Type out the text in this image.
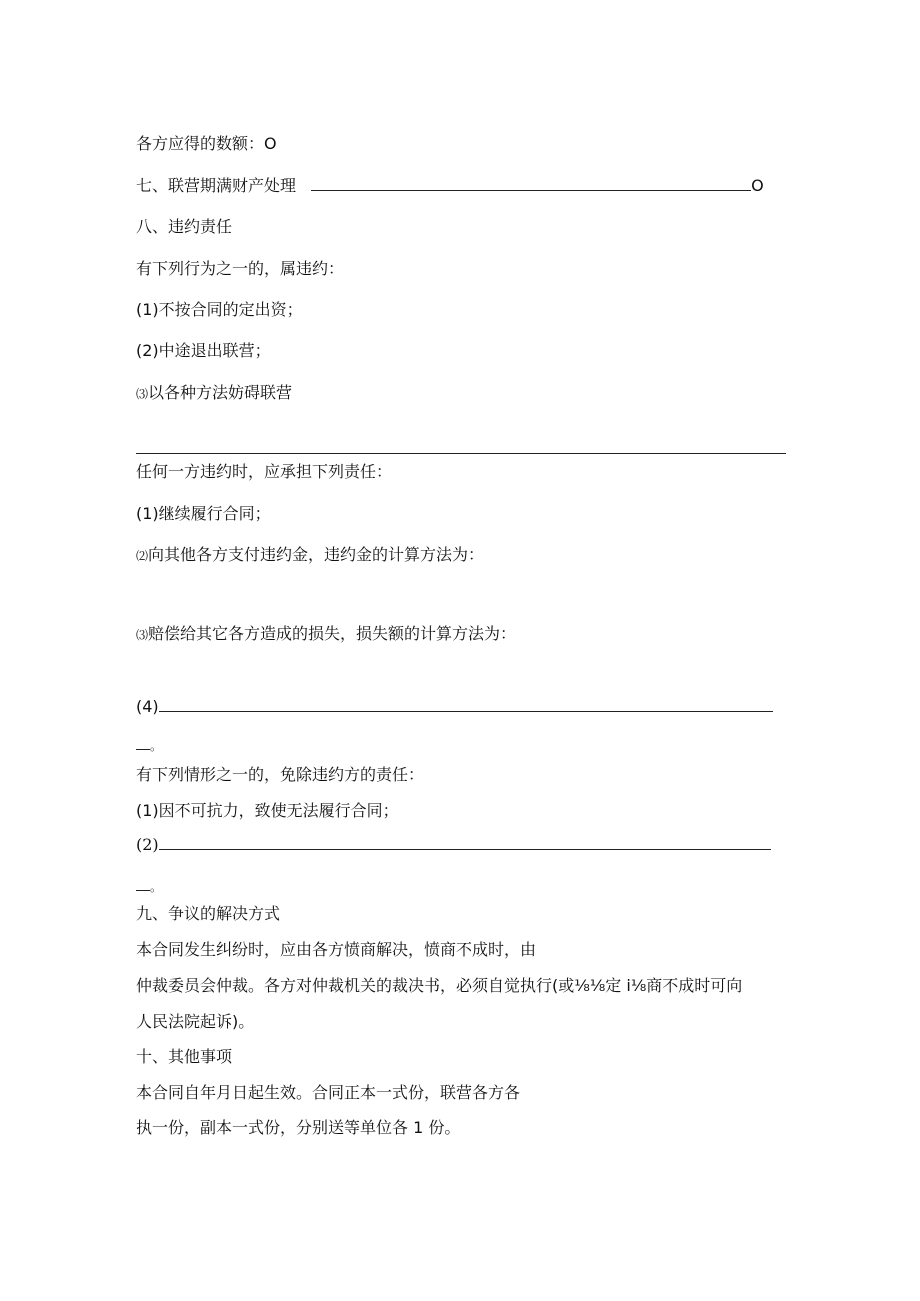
各方应得的数额：O
七、联营期满财产处理	O
八、违约责任
有下列行为之一的，属违约：
(1)不按合同的定出资；
(2)中途退出联营；
⑶以各种方法妨碍联营
任何一方违约时，应承担下列责任：
(1)继续履行合同；
⑵向其他各方支付违约金，违约金的计算方法为：
⑶赔偿给其它各方造成的损失，损失额的计算方法为：
(4)
。
有下列情形之一的，免除违约方的责任：
(1)因不可抗力，致使无法履行合同；
(2)
。
九、争议的解决方式
本合同发生纠纷时，应由各方愤商解决，愤商不成时，由
仲裁委员会仲裁。各方对仲裁机关的裁决书，必须自觉执行(或⅛⅛定 i⅛商不成时可向
人民法院起诉)。
十、其他事项
本合同自年月日起生效。合同正本一式份，联营各方各
执一份，副本一式份，分别送等单位各 1 份。
